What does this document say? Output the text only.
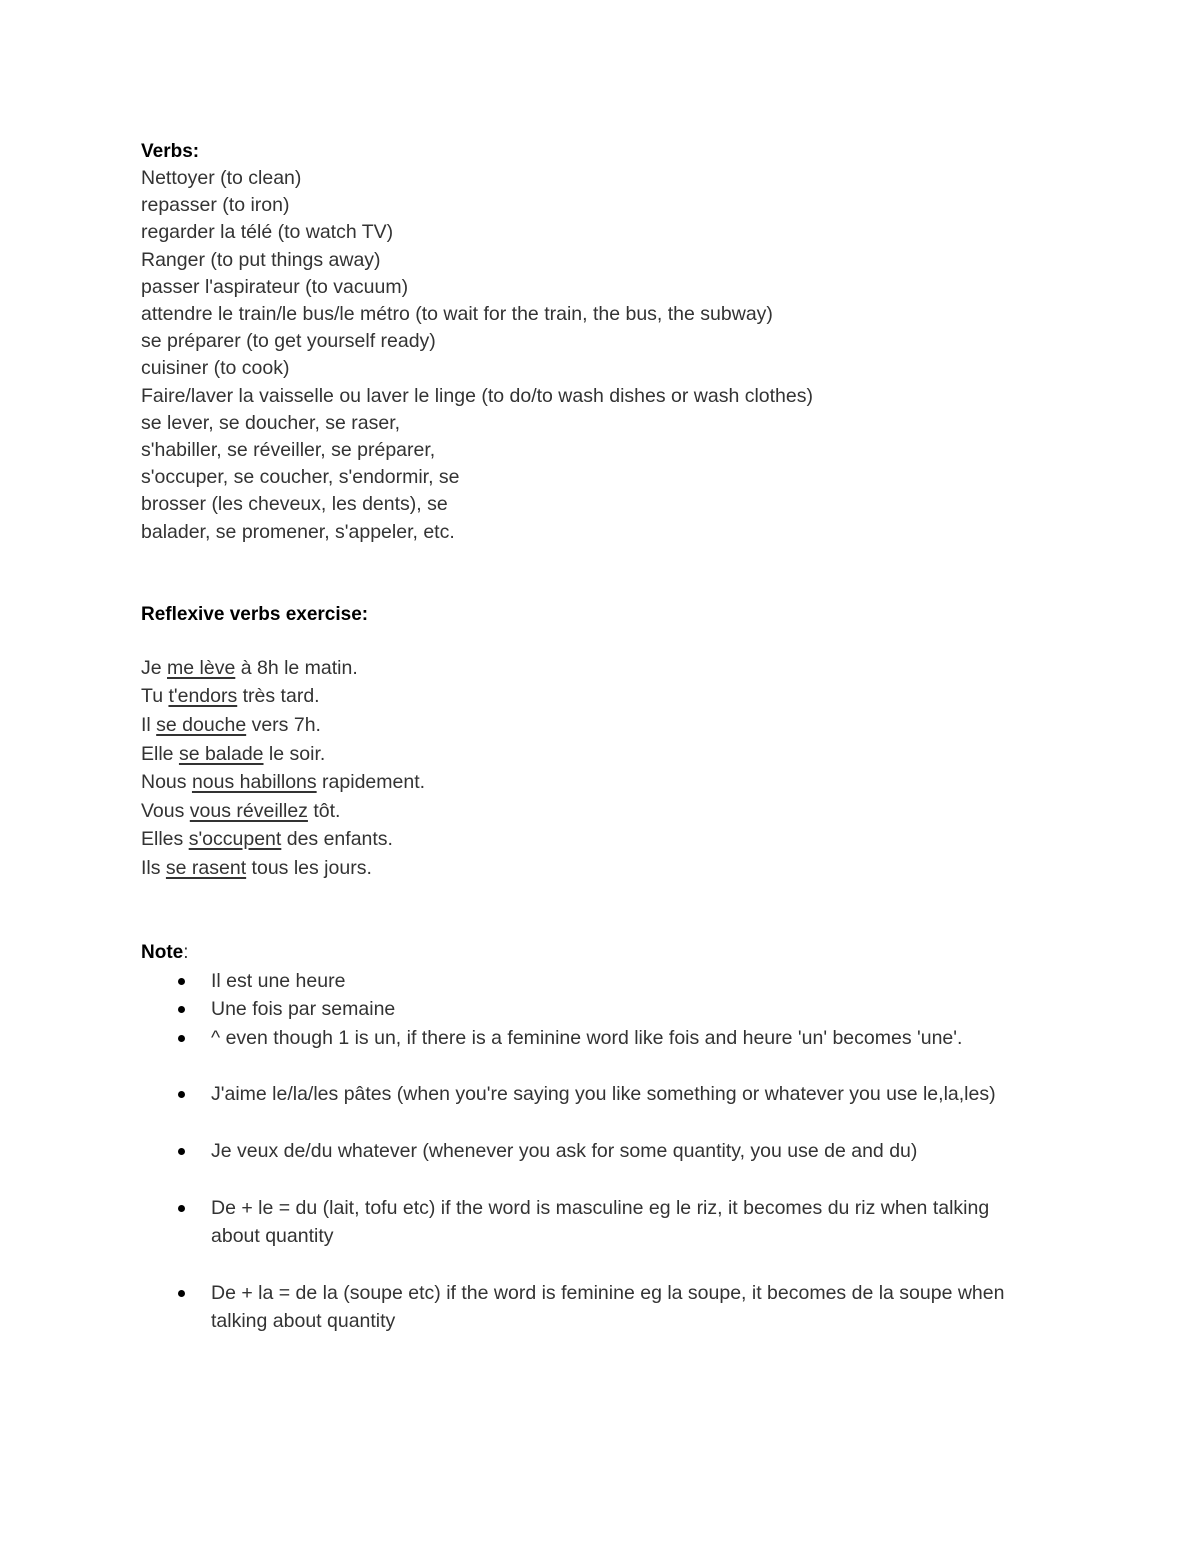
Verbs:

Nettoyer (to clean)

repasser (to iron)

regarder la télé (to watch TV)

Ranger (to put things away)

passer l'aspirateur (to vacuum)

attendre le train/le bus/le métro (to wait for the train, the bus, the subway)

se préparer (to get yourself ready)

cuisiner (to cook)

Faire/laver la vaisselle ou laver le linge (to do/to wash dishes or wash clothes)

se lever, se doucher, se raser,

s'habiller, se réveiller, se préparer,

s'occuper, se coucher, s'endormir, se

brosser (les cheveux, les dents), se

balader, se promener, s'appeler, etc.

Reflexive verbs exercise:

Je me lève à 8h le matin.

Tu t'endors très tard.

Il se douche vers 7h.

Elle se balade le soir.

Nous nous habillons rapidement.

Vous vous réveillez tôt.

Elles s'occupent des enfants.

Ils se rasent tous les jours.

Note:

Il est une heure
Une fois par semaine
^ even though 1 is un, if there is a feminine word like fois and heure 'un' becomes 'une'.
J'aime le/la/les pâtes (when you're saying you like something or whatever you use le,la,les)
Je veux de/du whatever (whenever you ask for some quantity, you use de and du)
De + le = du (lait, tofu etc) if the word is masculine eg le riz, it becomes du riz when talking about quantity
De + la = de la (soupe etc) if the word is feminine eg la soupe, it becomes de la soupe when talking about quantity
